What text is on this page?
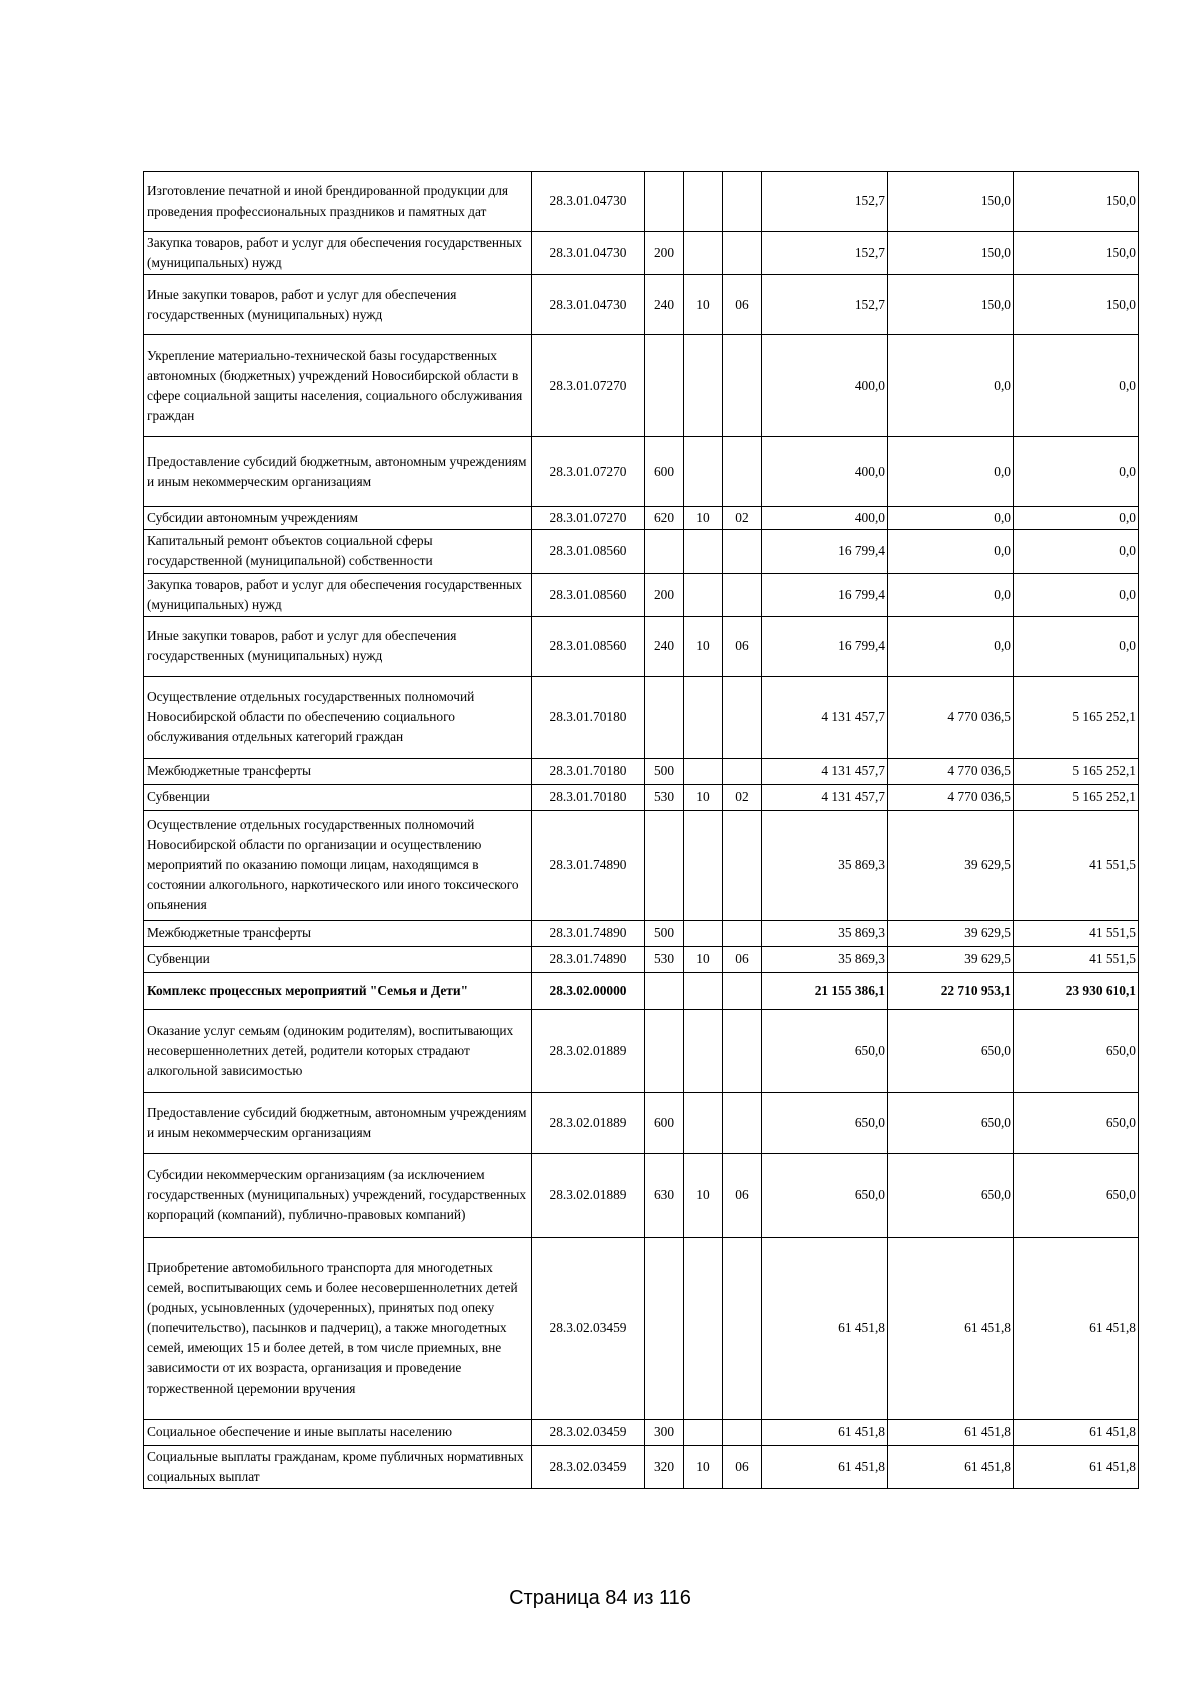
Изготовление печатной и иной брендированной продукции для проведения профессиональных праздников и памятных дат	28.3.01.04730				152,7	150,0	150,0
Закупка товаров, работ и услуг для обеспечения государственных (муниципальных) нужд	28.3.01.04730	200			152,7	150,0	150,0
Иные закупки товаров, работ и услуг для обеспечения государственных (муниципальных) нужд	28.3.01.04730	240	10	06	152,7	150,0	150,0
Укрепление материально-технической базы государственных автономных (бюджетных) учреждений Новосибирской области в сфере социальной защиты населения, социального обслуживания граждан	28.3.01.07270				400,0	0,0	0,0
Предоставление субсидий бюджетным, автономным учреждениям и иным некоммерческим организациям	28.3.01.07270	600			400,0	0,0	0,0
Субсидии автономным учреждениям	28.3.01.07270	620	10	02	400,0	0,0	0,0
Капитальный ремонт объектов социальной сферы государственной (муниципальной) собственности	28.3.01.08560				16 799,4	0,0	0,0
Закупка товаров, работ и услуг для обеспечения государственных (муниципальных) нужд	28.3.01.08560	200			16 799,4	0,0	0,0
Иные закупки товаров, работ и услуг для обеспечения государственных (муниципальных) нужд	28.3.01.08560	240	10	06	16 799,4	0,0	0,0
Осуществление отдельных государственных полномочий Новосибирской области по обеспечению социального обслуживания отдельных категорий граждан	28.3.01.70180				4 131 457,7	4 770 036,5	5 165 252,1
Межбюджетные трансферты	28.3.01.70180	500			4 131 457,7	4 770 036,5	5 165 252,1
Субвенции	28.3.01.70180	530	10	02	4 131 457,7	4 770 036,5	5 165 252,1
Осуществление отдельных государственных полномочий Новосибирской области по организации и осуществлению мероприятий по оказанию помощи лицам, находящимся в состоянии алкогольного, наркотического или иного токсического опьянения	28.3.01.74890				35 869,3	39 629,5	41 551,5
Межбюджетные трансферты	28.3.01.74890	500			35 869,3	39 629,5	41 551,5
Субвенции	28.3.01.74890	530	10	06	35 869,3	39 629,5	41 551,5
Комплекс процессных мероприятий "Семья и Дети"	28.3.02.00000				21 155 386,1	22 710 953,1	23 930 610,1
Оказание услуг семьям (одиноким родителям), воспитывающих несовершеннолетних детей, родители которых страдают алкогольной зависимостью	28.3.02.01889				650,0	650,0	650,0
Предоставление субсидий бюджетным, автономным учреждениям и иным некоммерческим организациям	28.3.02.01889	600			650,0	650,0	650,0
Субсидии некоммерческим организациям (за исключением государственных (муниципальных) учреждений, государственных корпораций (компаний), публично-правовых компаний)	28.3.02.01889	630	10	06	650,0	650,0	650,0
Приобретение автомобильного транспорта для многодетных семей, воспитывающих семь и более несовершеннолетних детей (родных, усыновленных (удочеренных), принятых под опеку (попечительство), пасынков и падчериц), а также многодетных семей, имеющих 15 и более детей, в том числе приемных, вне зависимости от их возраста, организация и проведение торжественной церемонии вручения	28.3.02.03459				61 451,8	61 451,8	61 451,8
Социальное обеспечение и иные выплаты населению	28.3.02.03459	300			61 451,8	61 451,8	61 451,8
Социальные выплаты гражданам, кроме публичных нормативных социальных выплат	28.3.02.03459	320	10	06	61 451,8	61 451,8	61 451,8
Страница 84 из 116
